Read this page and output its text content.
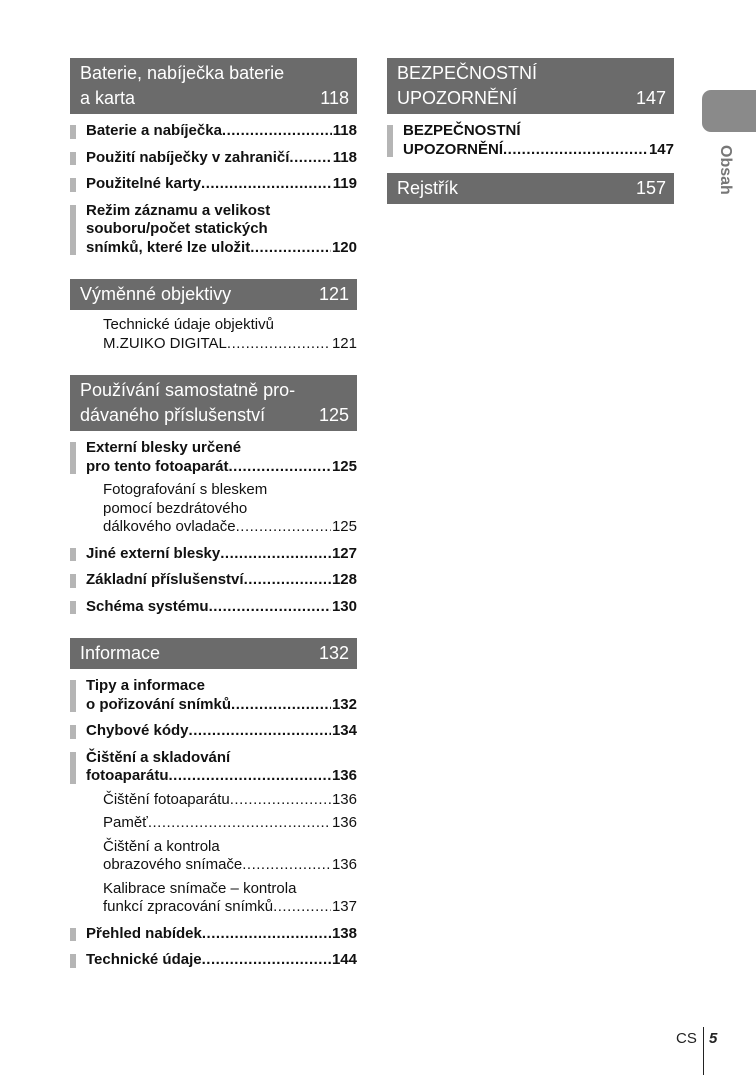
Baterie, nabíječka baterie
a karta	118
Baterie a nabíječka .....	118
Použití nabíječky v zahraničí .....	118
Použitelné karty .....	119
Režim záznamu a velikost
souboru/počet statických
snímků, které lze uložit .....	120
Výměnné objektivy	121
Technické údaje objektivů
M.ZUIKO DIGITAL .....	121
Používání samostatně pro-
dávaného příslušenství	125
Externí blesky určené
pro tento fotoaparát .....	125
Fotografování s bleskem
pomocí bezdrátového
dálkového ovladače .....	125
Jiné externí blesky .....	127
Základní příslušenství .....	128
Schéma systému .....	130
Informace	132
Tipy a informace
o pořizování snímků .....	132
Chybové kódy .....	134
Čištění a skladování
fotoaparátu .....	136
Čištění fotoaparátu .....	136
Paměť .....	136
Čištění a kontrola
obrazového snímače .....	136
Kalibrace snímače – kontrola
funkcí zpracování snímků .....	137
Přehled nabídek .....	138
Technické údaje .....	144
BEZPEČNOSTNÍ
UPOZORNĚNÍ	147
BEZPEČNOSTNÍ
UPOZORNĚNÍ .....	147
Rejstřík	157	Obsah
CS 5
